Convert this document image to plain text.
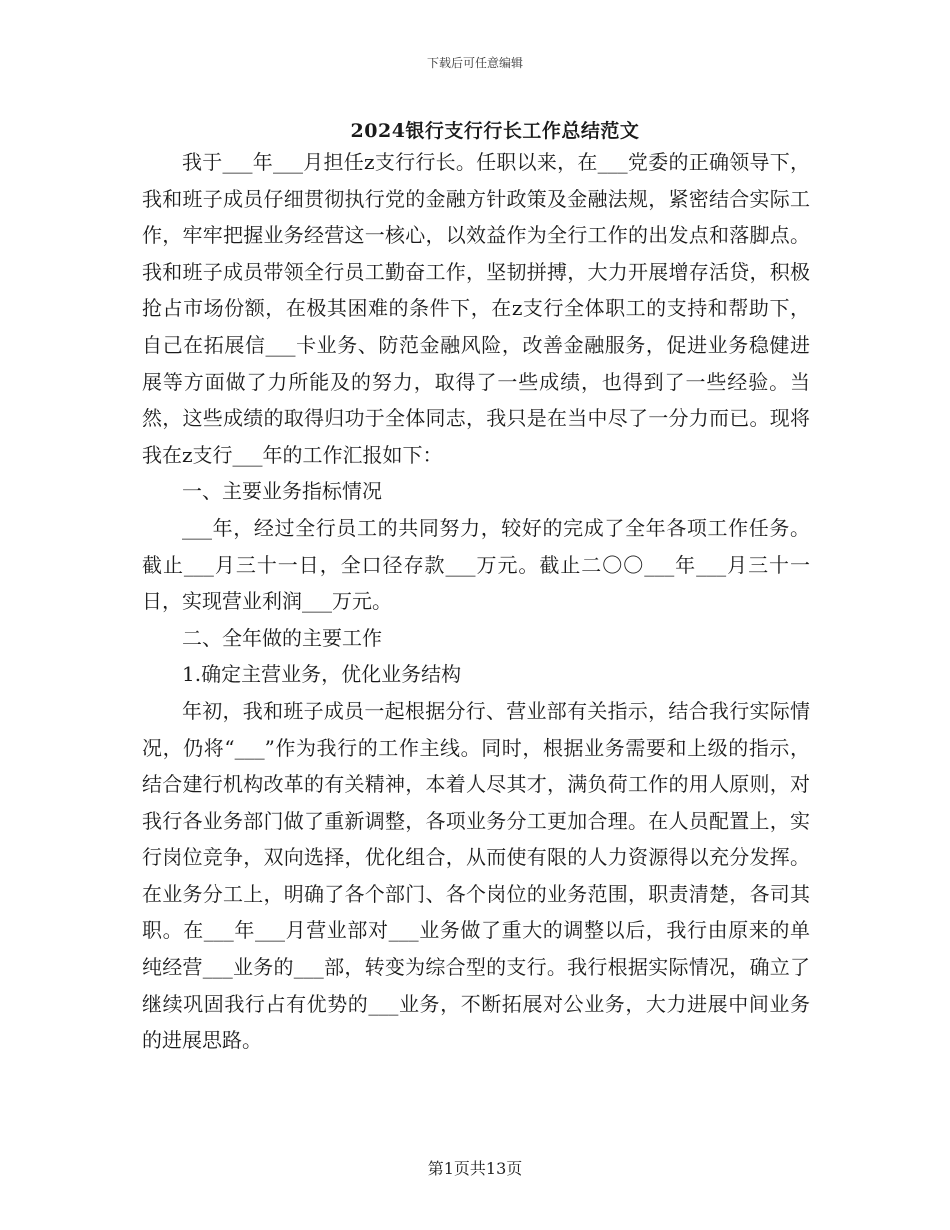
下载后可任意编辑
2024银行支行行长工作总结范文

我于___年___月担任z支行行长。任职以来，在___党委的正确领导下，我和班子成员仔细贯彻执行党的金融方针政策及金融法规，紧密结合实际工作，牢牢把握业务经营这一核心，以效益作为全行工作的出发点和落脚点。我和班子成员带领全行员工勤奋工作，坚韧拼搏，大力开展增存活贷，积极抢占市场份额，在极其困难的条件下，在z支行全体职工的支持和帮助下，自己在拓展信___卡业务、防范金融风险，改善金融服务，促进业务稳健进展等方面做了力所能及的努力，取得了一些成绩，也得到了一些经验。当然，这些成绩的取得归功于全体同志，我只是在当中尽了一分力而已。现将我在z支行___年的工作汇报如下：

一、主要业务指标情况

___年，经过全行员工的共同努力，较好的完成了全年各项工作任务。截止___月三十一日，全口径存款___万元。截止二〇〇___年___月三十一日，实现营业利润___万元。

二、全年做的主要工作

1.确定主营业务，优化业务结构

年初，我和班子成员一起根据分行、营业部有关指示，结合我行实际情况，仍将“___”作为我行的工作主线。同时，根据业务需要和上级的指示，结合建行机构改革的有关精神，本着人尽其才，满负荷工作的用人原则，对我行各业务部门做了重新调整，各项业务分工更加合理。在人员配置上，实行岗位竞争，双向选择，优化组合，从而使有限的人力资源得以充分发挥。在业务分工上，明确了各个部门、各个岗位的业务范围，职责清楚，各司其职。在___年___月营业部对___业务做了重大的调整以后，我行由原来的单纯经营___业务的___部，转变为综合型的支行。我行根据实际情况，确立了继续巩固我行占有优势的___业务，不断拓展对公业务，大力进展中间业务的进展思路。

第1页共13页
